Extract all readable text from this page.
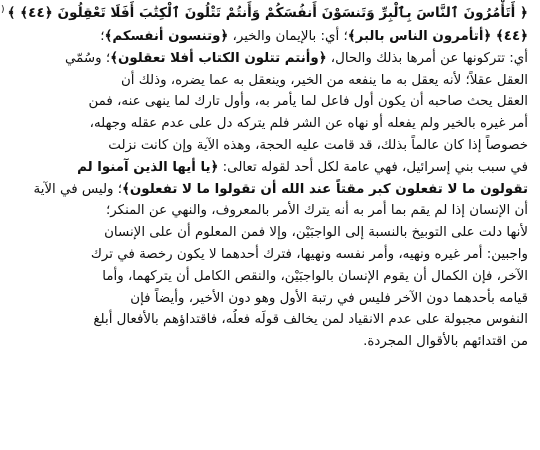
﴿ أَتَأْمُرُونَ ٱلنَّاسَ بِٱلْبِرِّ وَتَنسَوْنَ أَنفُسَكُمْ وَأَنتُمْ تَتْلُونَ ٱلْكِتَٰبَ أَفَلَا تَعْقِلُونَ ﴿٤٤﴾ ﴾
(
﴿٤٤﴾ ﴿أتأمرون الناس بالبر﴾؛ أي: بالإيمان والخير، ﴿وتنسون أنفسكم﴾؛
أي: تتركونها عن أمرها بذلك والحال، ﴿وأنتم تتلون الكتاب أفلا تعقلون﴾؛ وسُمّي
العقل عقلاً؛ لأنه يعقل به ما ينفعه من الخير، وينعقل به عما يضره، وذلك أن
العقل يحث صاحبه أن يكون أول فاعل لما يأمر به، وأول تارك لما ينهى عنه، فمن
أمر غيره بالخير ولم يفعله أو نهاه عن الشر فلم يتركه دل على عدم عقله وجهله،
خصوصاً إذا كان عالماً بذلك، قد قامت عليه الحجة، وهذه الآية وإن كانت نزلت
في سبب بني إسرائيل، فهي عامة لكل أحد لقوله تعالى: ﴿يا أيها الذين آمنوا لم
تقولون ما لا تفعلون كبر مقتاً عند الله أن تقولوا ما لا تفعلون﴾؛ وليس في الآية
أن الإنسان إذا لم يقم بما أُمر به أنه يترك الأمر بالمعروف، والنهي عن المنكر؛
لأنها دلت على التوبيخ بالنسبة إلى الواجبَيْن، وإلا فمن المعلوم أن على الإنسان
واجبين: أمر غيره ونهيه، وأمر نفسه ونهيها، فترك أحدهما لا يكون رخصة في ترك
الآخر، فإن الكمال أن يقوم الإنسان بالواجبَيْن، والنقص الكامل أن يتركهما، وأما
قيامه بأحدهما دون الآخر فليس في رتبة الأول وهو دون الأخير، وأيضاً فإن
النفوس مجبولة على عدم الانقياد لمن يخالف قولَه فعلُه، فاقتداؤهم بالأفعال أبلغ
من اقتدائهم بالأقوال المجردة.
